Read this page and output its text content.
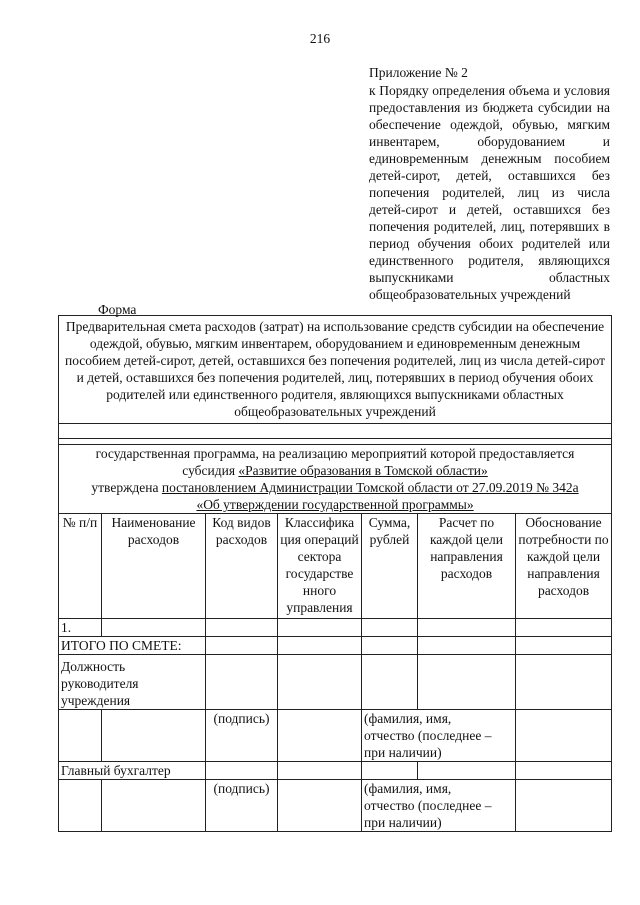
216
Приложение № 2
к Порядку определения объема и условия предоставления из бюджета субсидии на обеспечение одеждой, обувью, мягким инвентарем, оборудованием и единовременным денежным пособием детей-сирот, детей, оставшихся без попечения родителей, лиц из числа детей-сирот и детей, оставшихся без попечения родителей, лиц, потерявших в период обучения обоих родителей или единственного родителя, являющихся выпускниками областных общеобразовательных учреждений
Форма
Предварительная смета расходов (затрат) на использование средств субсидии на обеспечение одеждой, обувью, мягким инвентарем, оборудованием и единовременным денежным пособием детей-сирот, детей, оставшихся без попечения родителей, лиц из числа детей-сирот и детей, оставшихся без попечения родителей, лиц, потерявших в период обучения обоих родителей или единственного родителя, являющихся выпускниками областных общеобразовательных учреждений						

государственная программа, на реализацию мероприятий которой предоставляется
субсидия «Развитие образования в Томской области»
утверждена постановлением Администрации Томской области от 27.09.2019 № 342а
«Об утверждении государственной программы»						
№ п/п	Наименование расходов	Код видов расходов	Классифика ция операций сектора государстве нного управления	Сумма, рублей	Расчет по каждой цели направления расходов	Обоснование потребности по каждой цели направления расходов
1.						
ИТОГО ПО СМЕТЕ:						
Должность руководителя учреждения						
		(подпись)		(фамилия, имя, отчество (последнее – при наличии)		

Главный бухгалтер						
		(подпись)		(фамилия, имя, отчество (последнее – при наличии)		
